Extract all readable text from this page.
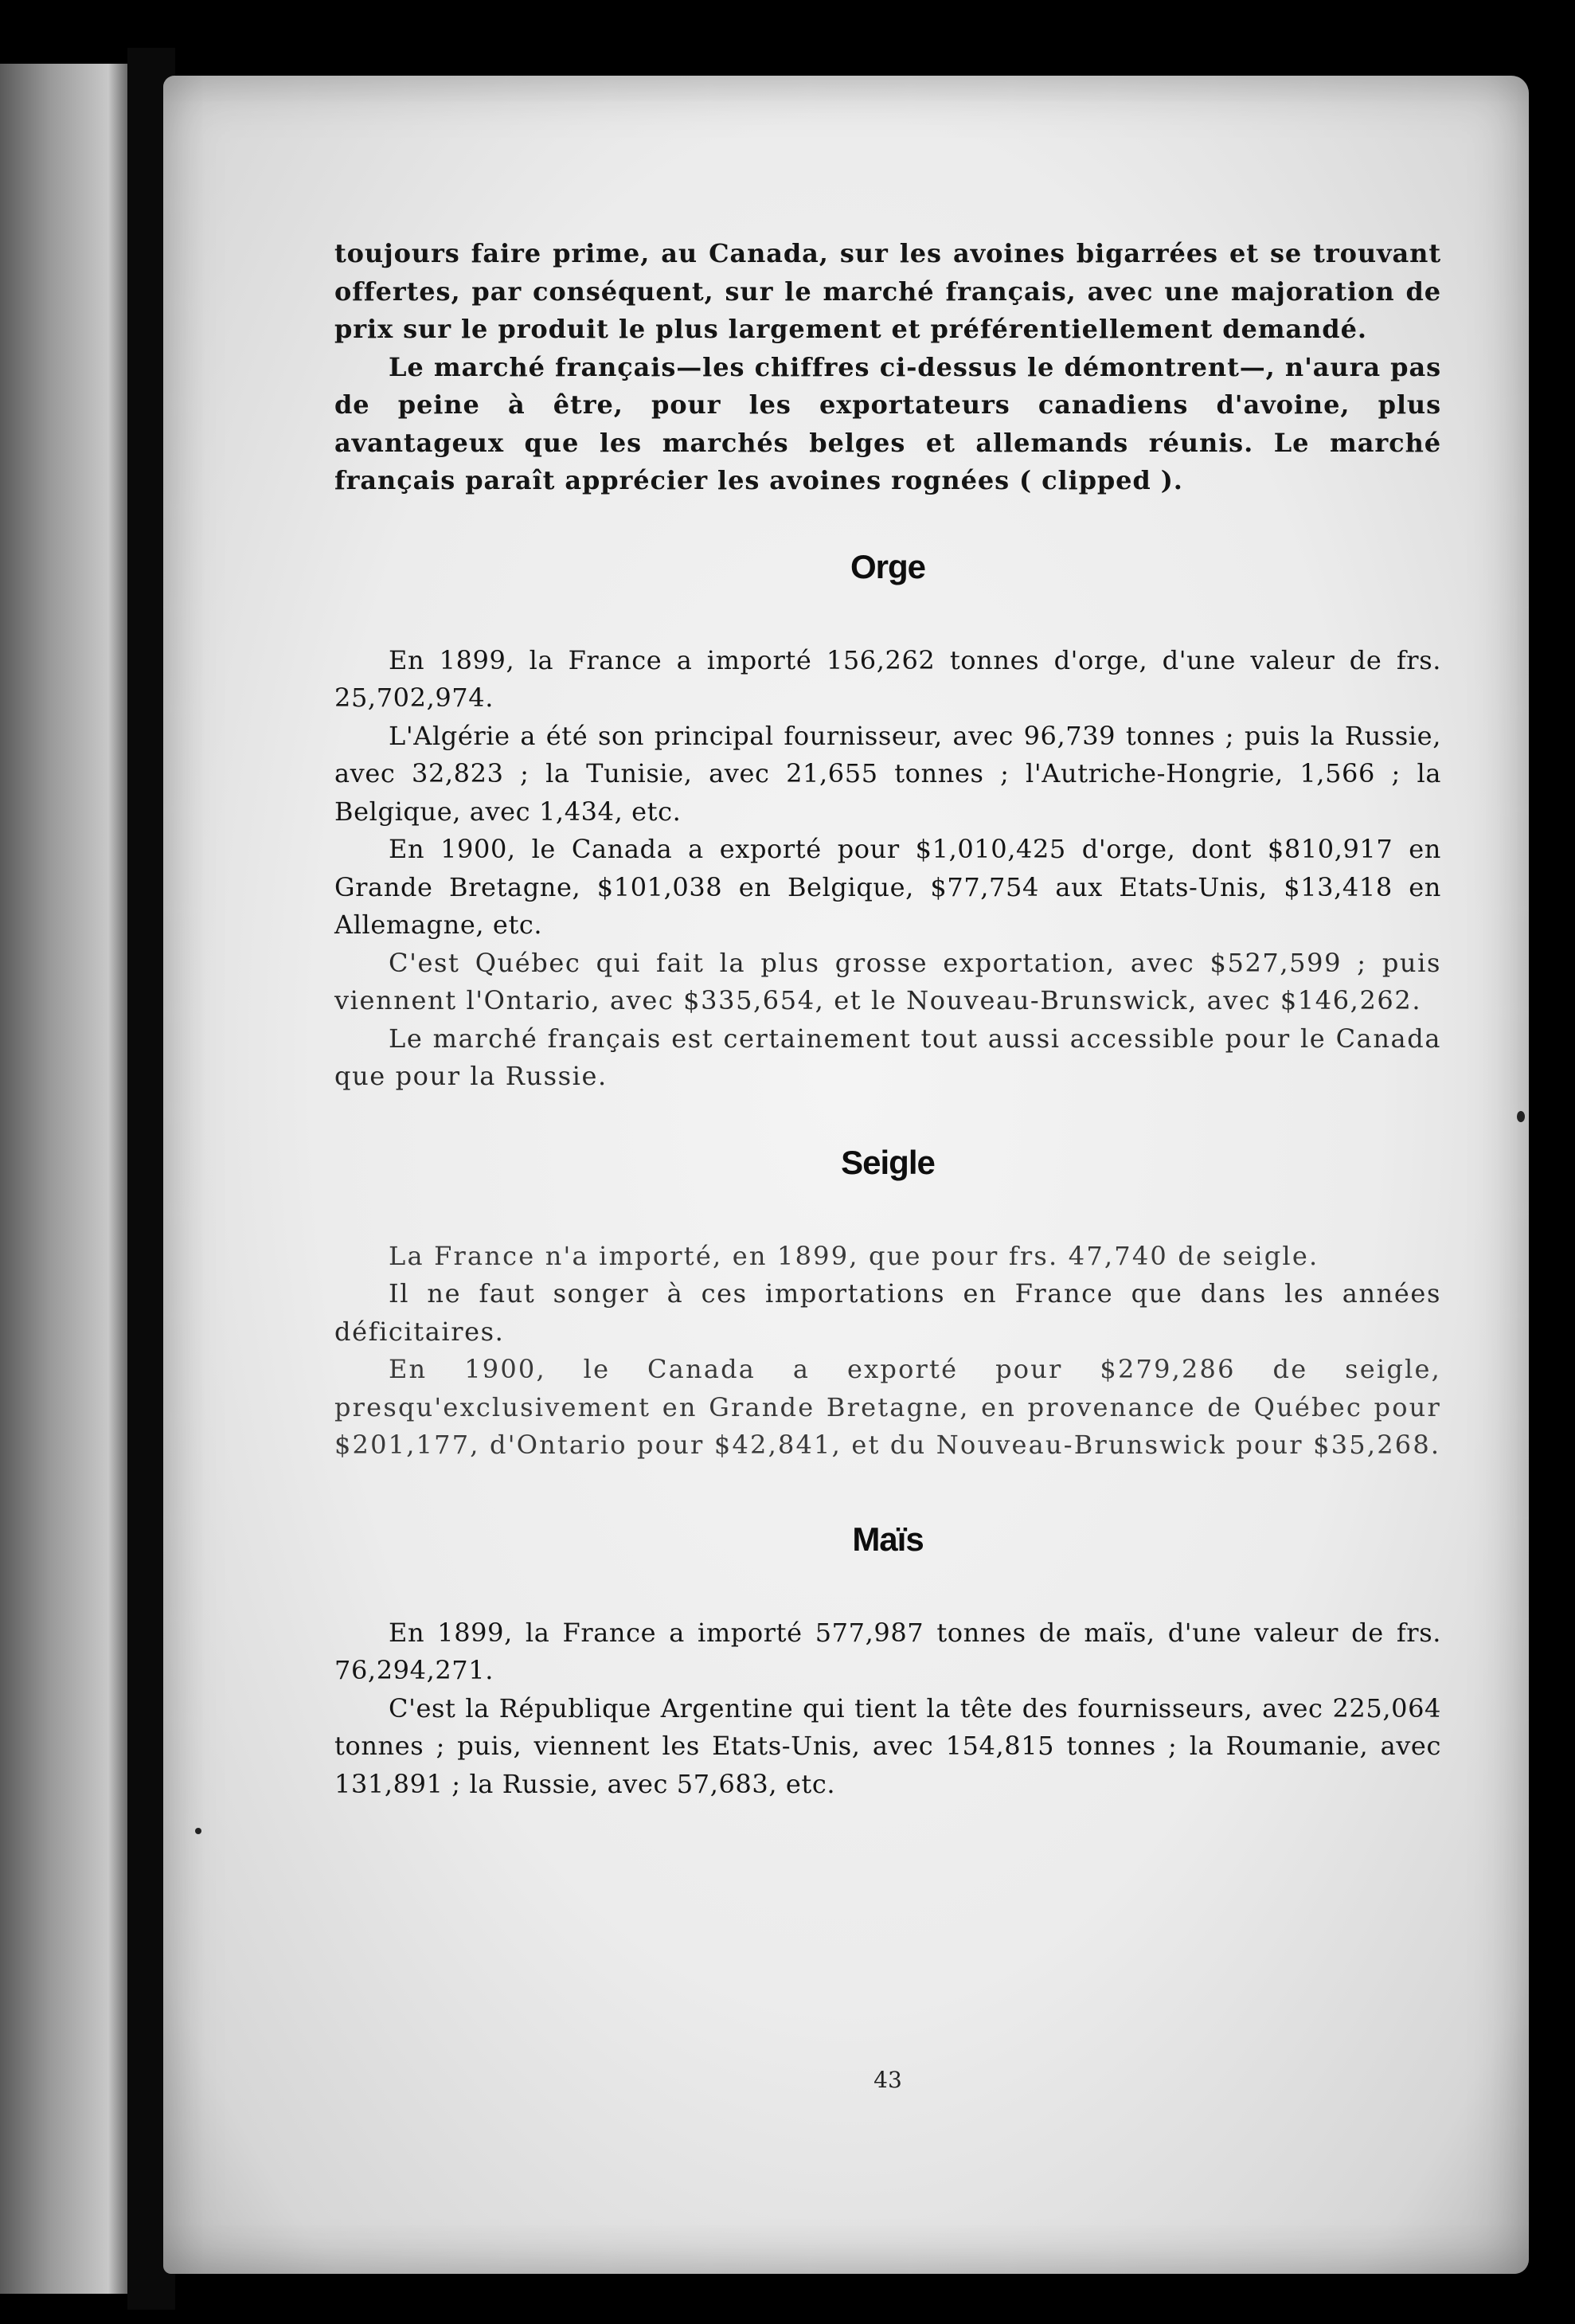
toujours faire prime, au Canada, sur les avoines bigarrées et se trouvant offertes, par conséquent, sur le marché français, avec une majoration de prix sur le produit le plus largement et préférentiellement demandé.

Le marché français—les chiffres ci-dessus le démontrent—, n'aura pas de peine à être, pour les exportateurs canadiens d'avoine, plus avantageux que les marchés belges et allemands réunis. Le marché français paraît apprécier les avoines rognées ( clipped ).

Orge

En 1899, la France a importé 156,262 tonnes d'orge, d'une valeur de frs. 25,702,974.

L'Algérie a été son principal fournisseur, avec 96,739 tonnes ; puis la Russie, avec 32,823 ; la Tunisie, avec 21,655 tonnes ; l'Autriche-Hongrie, 1,566 ; la Belgique, avec 1,434, etc.

En 1900, le Canada a exporté pour $1,010,425 d'orge, dont $810,917 en Grande Bretagne, $101,038 en Belgique, $77,754 aux Etats-Unis, $13,418 en Allemagne, etc.

C'est Québec qui fait la plus grosse exportation, avec $527,599 ; puis viennent l'Ontario, avec $335,654, et le Nouveau-Brunswick, avec $146,262.

Le marché français est certainement tout aussi accessible pour le Canada que pour la Russie.

Seigle

La France n'a importé, en 1899, que pour frs. 47,740 de seigle.

Il ne faut songer à ces importations en France que dans les années déficitaires.

En 1900, le Canada a exporté pour $279,286 de seigle, presqu'exclusivement en Grande Bretagne, en provenance de Québec pour $201,177, d'Ontario pour $42,841, et du Nouveau-Brunswick pour $35,268.

Maïs

En 1899, la France a importé 577,987 tonnes de maïs, d'une valeur de frs. 76,294,271.

C'est la République Argentine qui tient la tête des fournisseurs, avec 225,064 tonnes ; puis, viennent les Etats-Unis, avec 154,815 tonnes ; la Roumanie, avec 131,891 ; la Russie, avec 57,683, etc.

43
